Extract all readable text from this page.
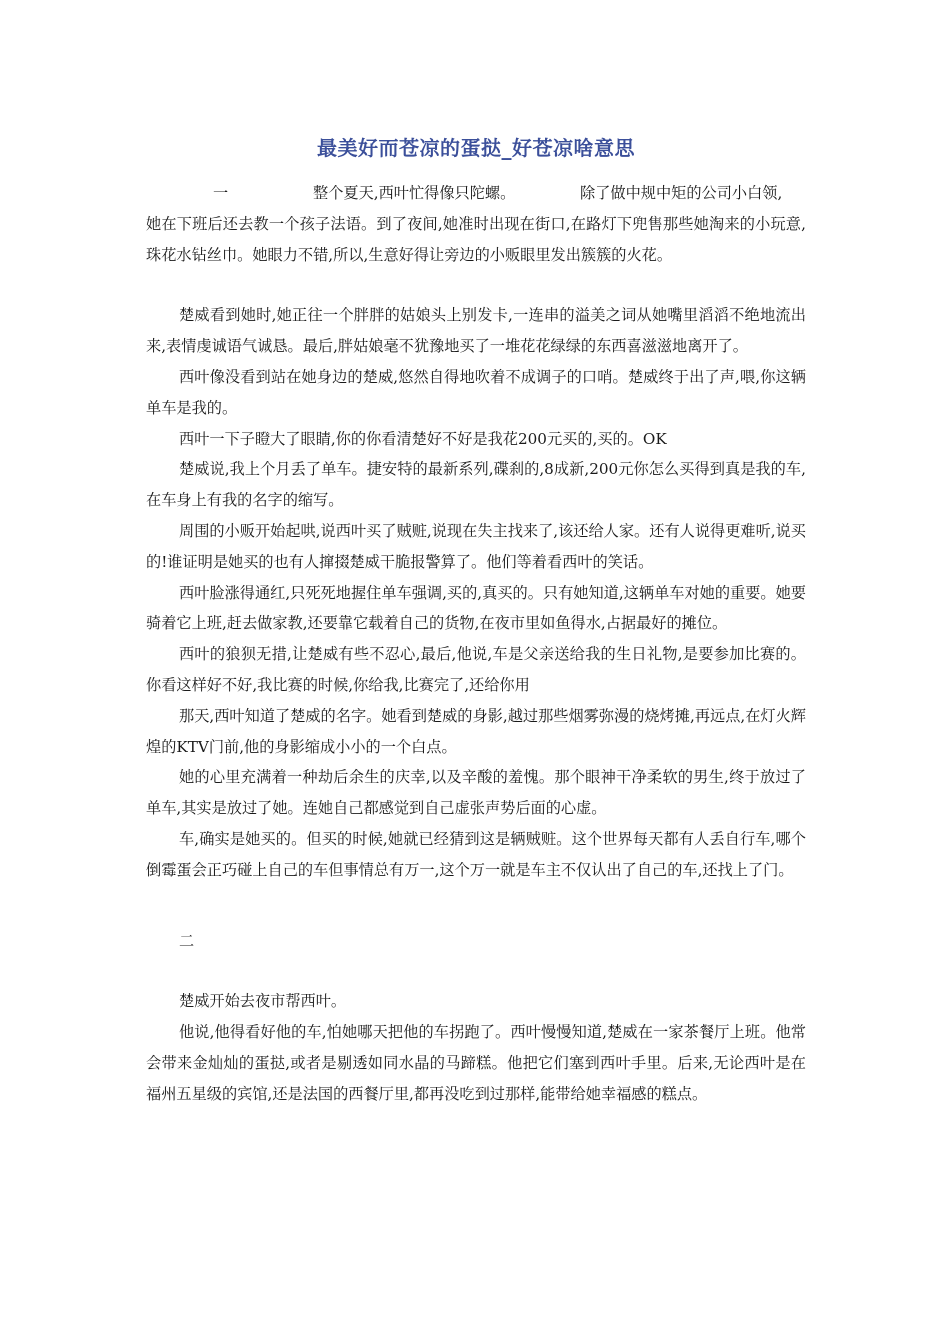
最美好而苍凉的蛋挞_好苍凉啥意思
一	整个夏天,西叶忙得像只陀螺。	除了做中规中矩的公司小白领,

她在下班后还去教一个孩子法语。到了夜间,她准时出现在街口,在路灯下兜售那些她淘来的小玩意,珠花水钻丝巾。她眼力不错,所以,生意好得让旁边的小贩眼里发出簇簇的火花。

楚威看到她时,她正往一个胖胖的姑娘头上别发卡,一连串的溢美之词从她嘴里滔滔不绝地流出来,表情虔诚语气诚恳。最后,胖姑娘毫不犹豫地买了一堆花花绿绿的东西喜滋滋地离开了。

西叶像没看到站在她身边的楚威,悠然自得地吹着不成调子的口哨。楚威终于出了声,喂,你这辆单车是我的。

西叶一下子瞪大了眼睛,你的你看清楚好不好是我花200元买的,买的。OK

楚威说,我上个月丢了单车。捷安特的最新系列,碟刹的,8成新,200元你怎么买得到真是我的车,在车身上有我的名字的缩写。

周围的小贩开始起哄,说西叶买了贼赃,说现在失主找来了,该还给人家。还有人说得更难听,说买的!谁证明是她买的也有人撺掇楚威干脆报警算了。他们等着看西叶的笑话。

西叶脸涨得通红,只死死地握住单车强调,买的,真买的。只有她知道,这辆单车对她的重要。她要骑着它上班,赶去做家教,还要靠它载着自己的货物,在夜市里如鱼得水,占据最好的摊位。

西叶的狼狈无措,让楚威有些不忍心,最后,他说,车是父亲送给我的生日礼物,是要参加比赛的。你看这样好不好,我比赛的时候,你给我,比赛完了,还给你用

那天,西叶知道了楚威的名字。她看到楚威的身影,越过那些烟雾弥漫的烧烤摊,再远点,在灯火辉煌的KTV门前,他的身影缩成小小的一个白点。

她的心里充满着一种劫后余生的庆幸,以及辛酸的羞愧。那个眼神干净柔软的男生,终于放过了单车,其实是放过了她。连她自己都感觉到自己虚张声势后面的心虚。

车,确实是她买的。但买的时候,她就已经猜到这是辆贼赃。这个世界每天都有人丢自行车,哪个倒霉蛋会正巧碰上自己的车但事情总有万一,这个万一就是车主不仅认出了自己的车,还找上了门。

二

楚威开始去夜市帮西叶。

他说,他得看好他的车,怕她哪天把他的车拐跑了。西叶慢慢知道,楚威在一家茶餐厅上班。他常会带来金灿灿的蛋挞,或者是剔透如同水晶的马蹄糕。他把它们塞到西叶手里。后来,无论西叶是在福州五星级的宾馆,还是法国的西餐厅里,都再没吃到过那样,能带给她幸福感的糕点。
